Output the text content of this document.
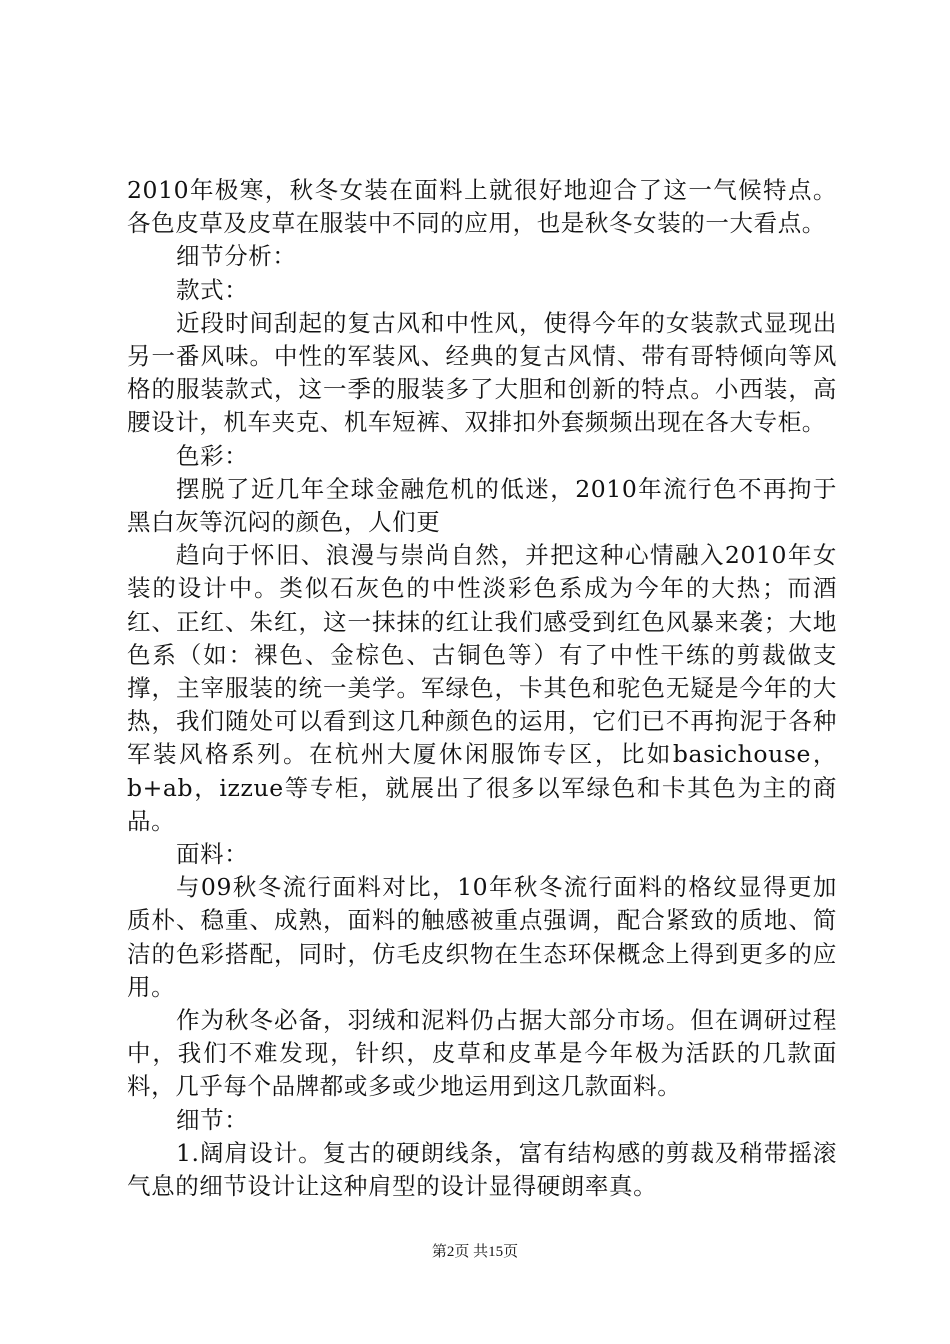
2010年极寒，秋冬女装在面料上就很好地迎合了这一气候特点。各色皮草及皮草在服装中不同的应用，也是秋冬女装的一大看点。

细节分析：

款式：

近段时间刮起的复古风和中性风，使得今年的女装款式显现出另一番风味。中性的军装风、经典的复古风情、带有哥特倾向等风格的服装款式，这一季的服装多了大胆和创新的特点。小西装，高腰设计，机车夹克、机车短裤、双排扣外套频频出现在各大专柜。

色彩：

摆脱了近几年全球金融危机的低迷，2010年流行色不再拘于黑白灰等沉闷的颜色，人们更

趋向于怀旧、浪漫与崇尚自然，并把这种心情融入2010年女装的设计中。类似石灰色的中性淡彩色系成为今年的大热；而酒红、正红、朱红，这一抹抹的红让我们感受到红色风暴来袭；大地色系（如：裸色、金棕色、古铜色等）有了中性干练的剪裁做支撑，主宰服装的统一美学。军绿色，卡其色和驼色无疑是今年的大热，我们随处可以看到这几种颜色的运用，它们已不再拘泥于各种军装风格系列。在杭州大厦休闲服饰专区，比如basichouse，b+ab，izzue等专柜，就展出了很多以军绿色和卡其色为主的商品。

面料：

与09秋冬流行面料对比，10年秋冬流行面料的格纹显得更加质朴、稳重、成熟，面料的触感被重点强调，配合紧致的质地、简洁的色彩搭配，同时，仿毛皮织物在生态环保概念上得到更多的应用。

作为秋冬必备，羽绒和泥料仍占据大部分市场。但在调研过程中，我们不难发现，针织，皮草和皮革是今年极为活跃的几款面料，几乎每个品牌都或多或少地运用到这几款面料。

细节：

1.阔肩设计。复古的硬朗线条，富有结构感的剪裁及稍带摇滚气息的细节设计让这种肩型的设计显得硬朗率真。

第2页 共15页
